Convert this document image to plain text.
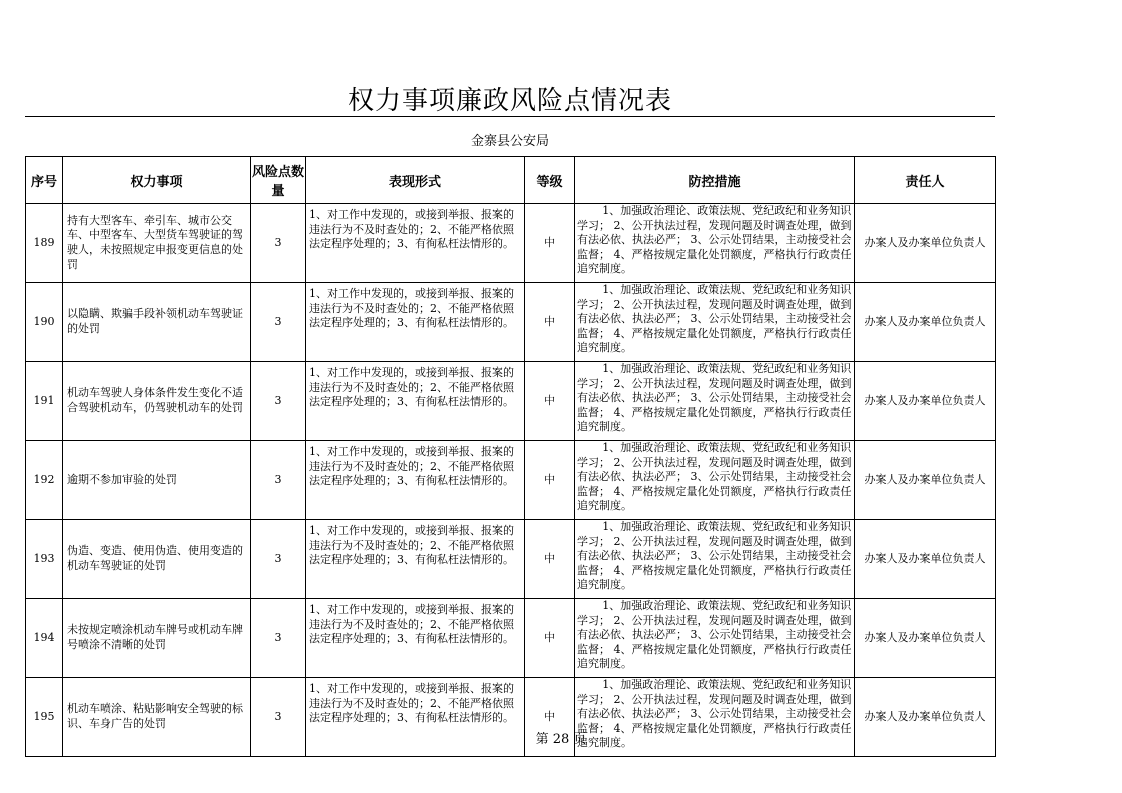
权力事项廉政风险点情况表
金寨县公安局
序号	权力事项	风险点数量	表现形式	等级	防控措施	责任人
189	持有大型客车、牵引车、城市公交车、中型客车、大型货车驾驶证的驾驶人，未按照规定申报变更信息的处罚	3	1、对工作中发现的，或接到举报、报案的违法行为不及时查处的；2、不能严格依照法定程序处理的；3、有徇私枉法情形的。	中	1、加强政治理论、政策法规、党纪政纪和业务知识学习； 2、公开执法过程，发现问题及时调查处理，做到有法必依、执法必严； 3、公示处罚结果，主动接受社会监督； 4、严格按规定量化处罚额度，严格执行行政责任追究制度。	办案人及办案单位负责人
190	以隐瞒、欺骗手段补领机动车驾驶证的处罚	3	1、对工作中发现的，或接到举报、报案的违法行为不及时查处的；2、不能严格依照法定程序处理的；3、有徇私枉法情形的。	中	1、加强政治理论、政策法规、党纪政纪和业务知识学习； 2、公开执法过程，发现问题及时调查处理，做到有法必依、执法必严； 3、公示处罚结果，主动接受社会监督； 4、严格按规定量化处罚额度，严格执行行政责任追究制度。	办案人及办案单位负责人
191	机动车驾驶人身体条件发生变化不适合驾驶机动车，仍驾驶机动车的处罚	3	1、对工作中发现的，或接到举报、报案的违法行为不及时查处的；2、不能严格依照法定程序处理的；3、有徇私枉法情形的。	中	1、加强政治理论、政策法规、党纪政纪和业务知识学习； 2、公开执法过程，发现问题及时调查处理，做到有法必依、执法必严； 3、公示处罚结果，主动接受社会监督； 4、严格按规定量化处罚额度，严格执行行政责任追究制度。	办案人及办案单位负责人
192	逾期不参加审验的处罚	3	1、对工作中发现的，或接到举报、报案的违法行为不及时查处的；2、不能严格依照法定程序处理的；3、有徇私枉法情形的。	中	1、加强政治理论、政策法规、党纪政纪和业务知识学习； 2、公开执法过程，发现问题及时调查处理，做到有法必依、执法必严； 3、公示处罚结果，主动接受社会监督； 4、严格按规定量化处罚额度，严格执行行政责任追究制度。	办案人及办案单位负责人
193	伪造、变造、使用伪造、使用变造的机动车驾驶证的处罚	3	1、对工作中发现的，或接到举报、报案的违法行为不及时查处的；2、不能严格依照法定程序处理的；3、有徇私枉法情形的。	中	1、加强政治理论、政策法规、党纪政纪和业务知识学习； 2、公开执法过程，发现问题及时调查处理，做到有法必依、执法必严； 3、公示处罚结果，主动接受社会监督； 4、严格按规定量化处罚额度，严格执行行政责任追究制度。	办案人及办案单位负责人
194	未按规定喷涂机动车牌号或机动车牌号喷涂不清晰的处罚	3	1、对工作中发现的，或接到举报、报案的违法行为不及时查处的；2、不能严格依照法定程序处理的；3、有徇私枉法情形的。	中	1、加强政治理论、政策法规、党纪政纪和业务知识学习； 2、公开执法过程，发现问题及时调查处理，做到有法必依、执法必严； 3、公示处罚结果，主动接受社会监督； 4、严格按规定量化处罚额度，严格执行行政责任追究制度。	办案人及办案单位负责人
195	机动车喷涂、粘贴影响安全驾驶的标识、车身广告的处罚	3	1、对工作中发现的，或接到举报、报案的违法行为不及时查处的；2、不能严格依照法定程序处理的；3、有徇私枉法情形的。	中	1、加强政治理论、政策法规、党纪政纪和业务知识学习； 2、公开执法过程，发现问题及时调查处理，做到有法必依、执法必严； 3、公示处罚结果，主动接受社会监督； 4、严格按规定量化处罚额度，严格执行行政责任追究制度。	办案人及办案单位负责人
第 28 页
